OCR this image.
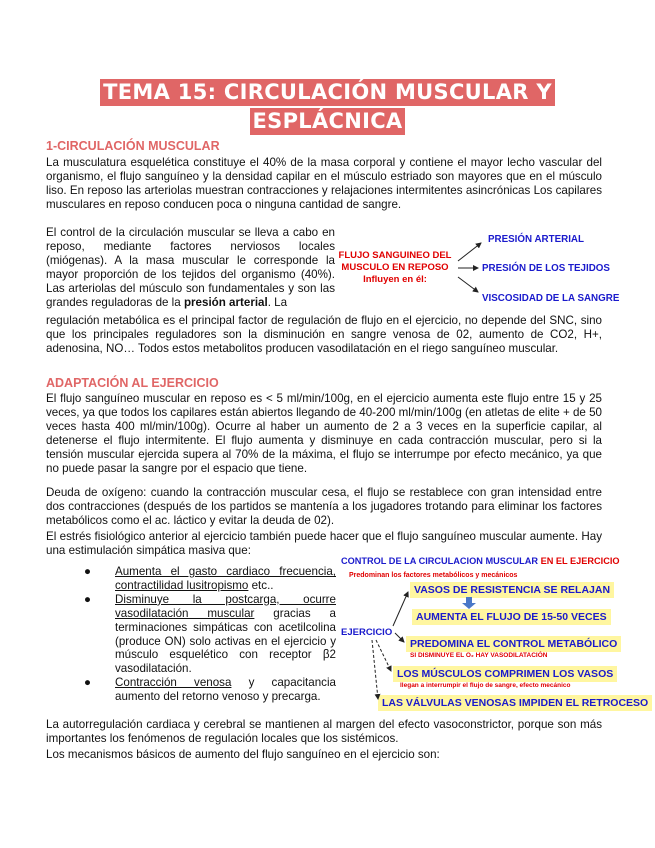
TEMA 15: CIRCULACIÓN MUSCULAR Y
ESPLÁCNICA
1-CIRCULACIÓN MUSCULAR

La musculatura esquelética constituye el 40% de la masa corporal y contiene el mayor lecho vascular del organismo, el flujo sanguíneo y la densidad capilar en el músculo estriado son mayores que en el músculo liso. En reposo las arteriolas muestran contracciones y relajaciones intermitentes asincrónicas Los capilares musculares en reposo conducen poca o ninguna cantidad de sangre.

El control de la circulación muscular se lleva a cabo en reposo, mediante factores nerviosos locales (miógenas). A la masa muscular le corresponde la mayor proporción de los tejidos del organismo (40%). Las arteriolas del músculo son fundamentales y son las grandes reguladoras de la presión arterial. La

regulación metabólica es el principal factor de regulación de flujo en el ejercicio, no depende del SNC, sino que los principales reguladores son la disminución en sangre venosa de 02, aumento de CO2, H+, adenosina, NO… Todos estos metabolitos producen vasodilatación en el riego sanguíneo muscular.

FLUJO SANGUINEO DEL
MUSCULO EN REPOSO
Influyen en él:
PRESIÓN ARTERIAL
PRESIÓN DE LOS TEJIDOS
VISCOSIDAD DE LA SANGRE
ADAPTACIÓN AL EJERCICIO

El flujo sanguíneo muscular en reposo es < 5 ml/min/100g, en el ejercicio aumenta este flujo entre 15 y 25 veces, ya que todos los capilares están abiertos llegando de 40-200 ml/min/100g (en atletas de elite + de 50 veces hasta 400 ml/min/100g). Ocurre al haber un aumento de 2 a 3 veces en la superficie capilar, al detenerse el flujo intermitente. El flujo aumenta y disminuye en cada contracción muscular, pero si la tensión muscular ejercida supera al 70% de la máxima, el flujo se interrumpe por efecto mecánico, ya que no puede pasar la sangre por el espacio que tiene.

Deuda de oxígeno: cuando la contracción muscular cesa, el flujo se restablece con gran intensidad entre dos contracciones (después de los partidos se mantenía a los jugadores trotando para eliminar los factores metabólicos como el ac. láctico y evitar la deuda de 02).

El estrés fisiológico anterior al ejercicio también puede hacer que el flujo sanguíneo muscular aumente. Hay una estimulación simpática masiva que:

● Aumenta el gasto cardiaco frecuencia, contractilidad lusitropismo etc..
● Disminuye la postcarga, ocurre vasodilatación muscular gracias a terminaciones simpáticas con acetilcolina (produce ON) solo activas en el ejercicio y músculo esquelético con receptor β2 vasodilatación.
● Contracción venosa y capacitancia aumento del retorno venoso y precarga.

La autorregulación cardiaca y cerebral se mantienen al margen del efecto vasoconstrictor, porque son más importantes los fenómenos de regulación locales que los sistémicos.

Los mecanismos básicos de aumento del flujo sanguíneo en el ejercicio son:

CONTROL DE LA CIRCULACION MUSCULAR EN EL EJERCICIO
Predominan los factores metabólicos y mecánicos
EJERCICIO
VASOS DE RESISTENCIA SE RELAJAN
AUMENTA EL FLUJO DE 15-50 VECES
PREDOMINA EL CONTROL METABÓLICO
SI DISMINUYE EL O₂ HAY VASODILATACIÓN
LOS MÚSCULOS COMPRIMEN LOS VASOS
llegan a interrumpir el flujo de sangre, efecto mecánico
LAS VÁLVULAS VENOSAS IMPIDEN EL RETROCESO
